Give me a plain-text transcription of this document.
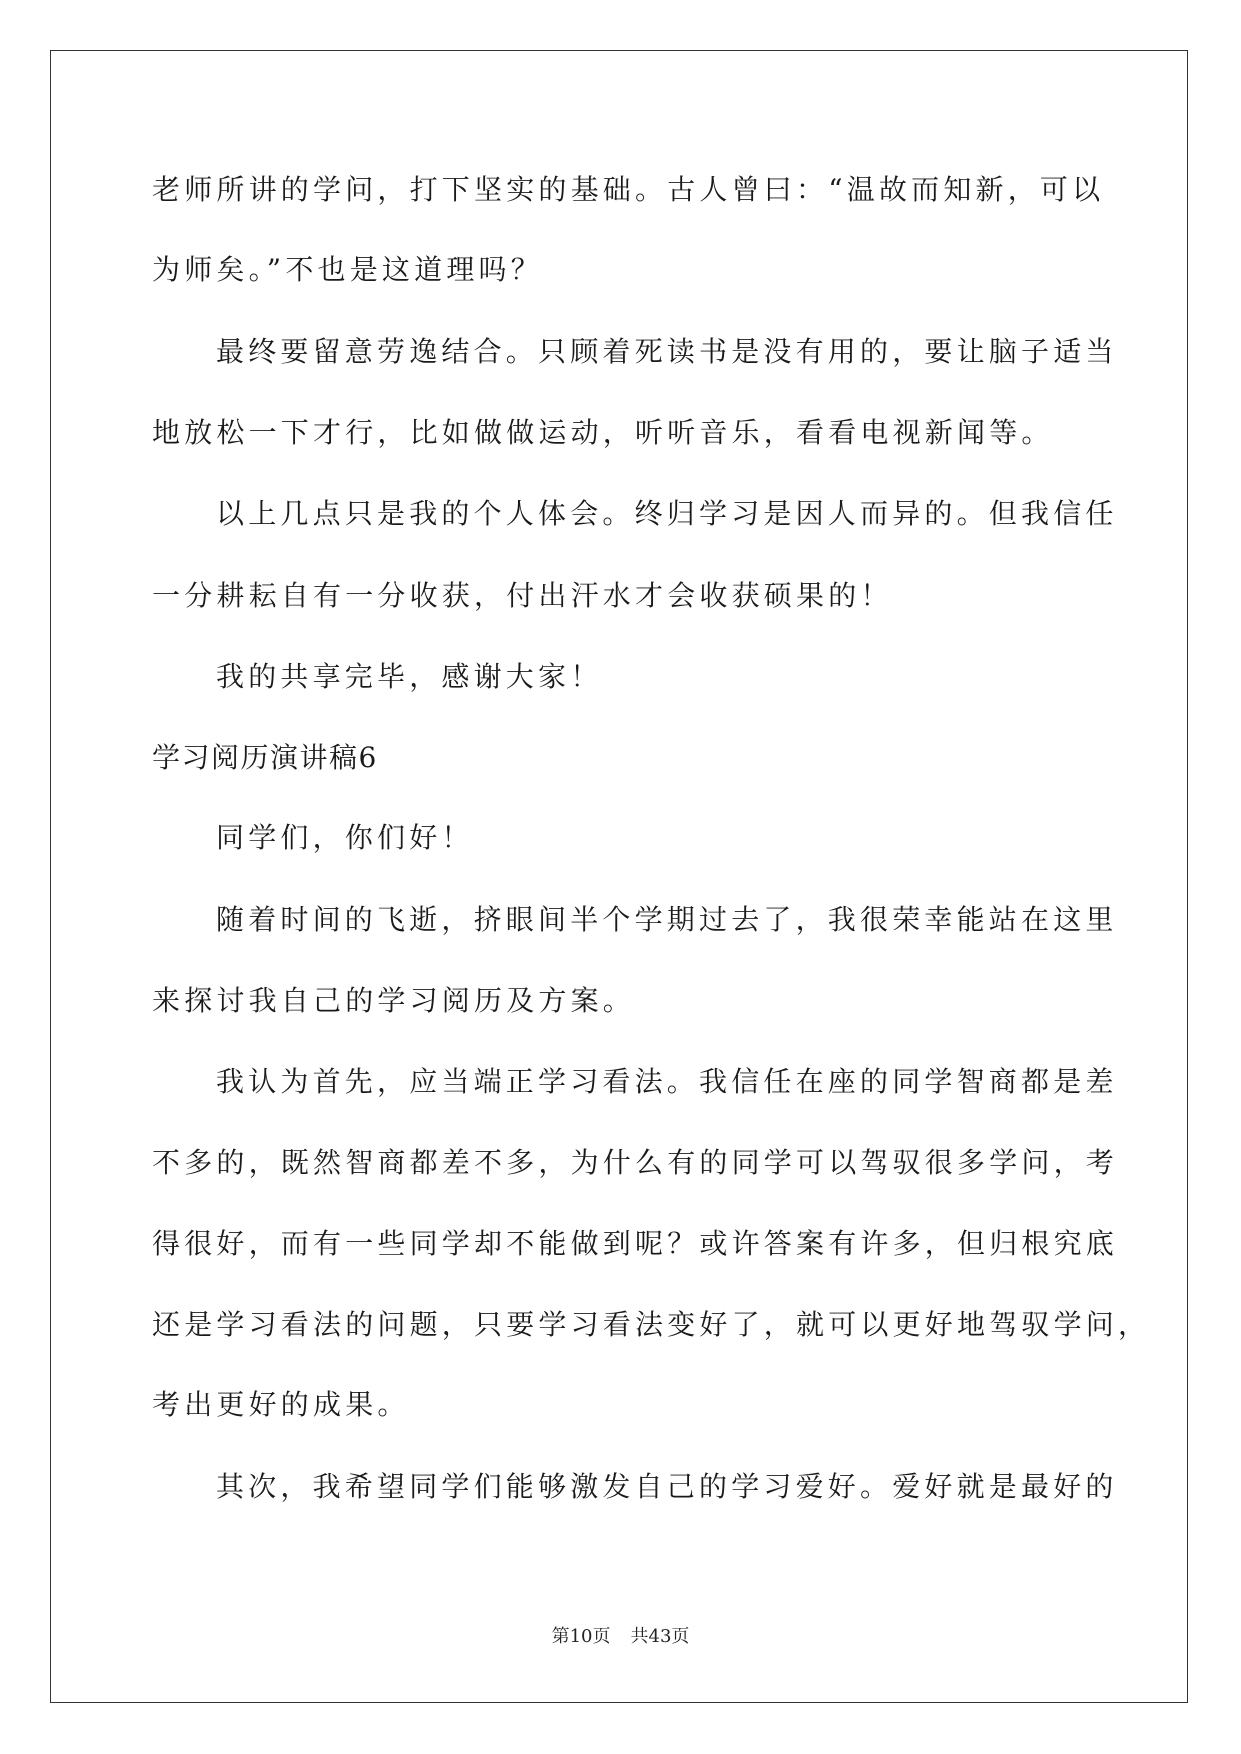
老师所讲的学问，打下坚实的基础。古人曾曰：“温故而知新，可以
为师矣。”不也是这道理吗？
最终要留意劳逸结合。只顾着死读书是没有用的，要让脑子适当
地放松一下才行，比如做做运动，听听音乐，看看电视新闻等。
以上几点只是我的个人体会。终归学习是因人而异的。但我信任
一分耕耘自有一分收获，付出汗水才会收获硕果的！
我的共享完毕，感谢大家！
学习阅历演讲稿6
同学们，你们好！
随着时间的飞逝，挤眼间半个学期过去了，我很荣幸能站在这里
来探讨我自己的学习阅历及方案。
我认为首先，应当端正学习看法。我信任在座的同学智商都是差
不多的，既然智商都差不多，为什么有的同学可以驾驭很多学问，考
得很好，而有一些同学却不能做到呢？或许答案有许多，但归根究底
还是学习看法的问题，只要学习看法变好了，就可以更好地驾驭学问，
考出更好的成果。
其次，我希望同学们能够激发自己的学习爱好。爱好就是最好的
第10页 共43页
